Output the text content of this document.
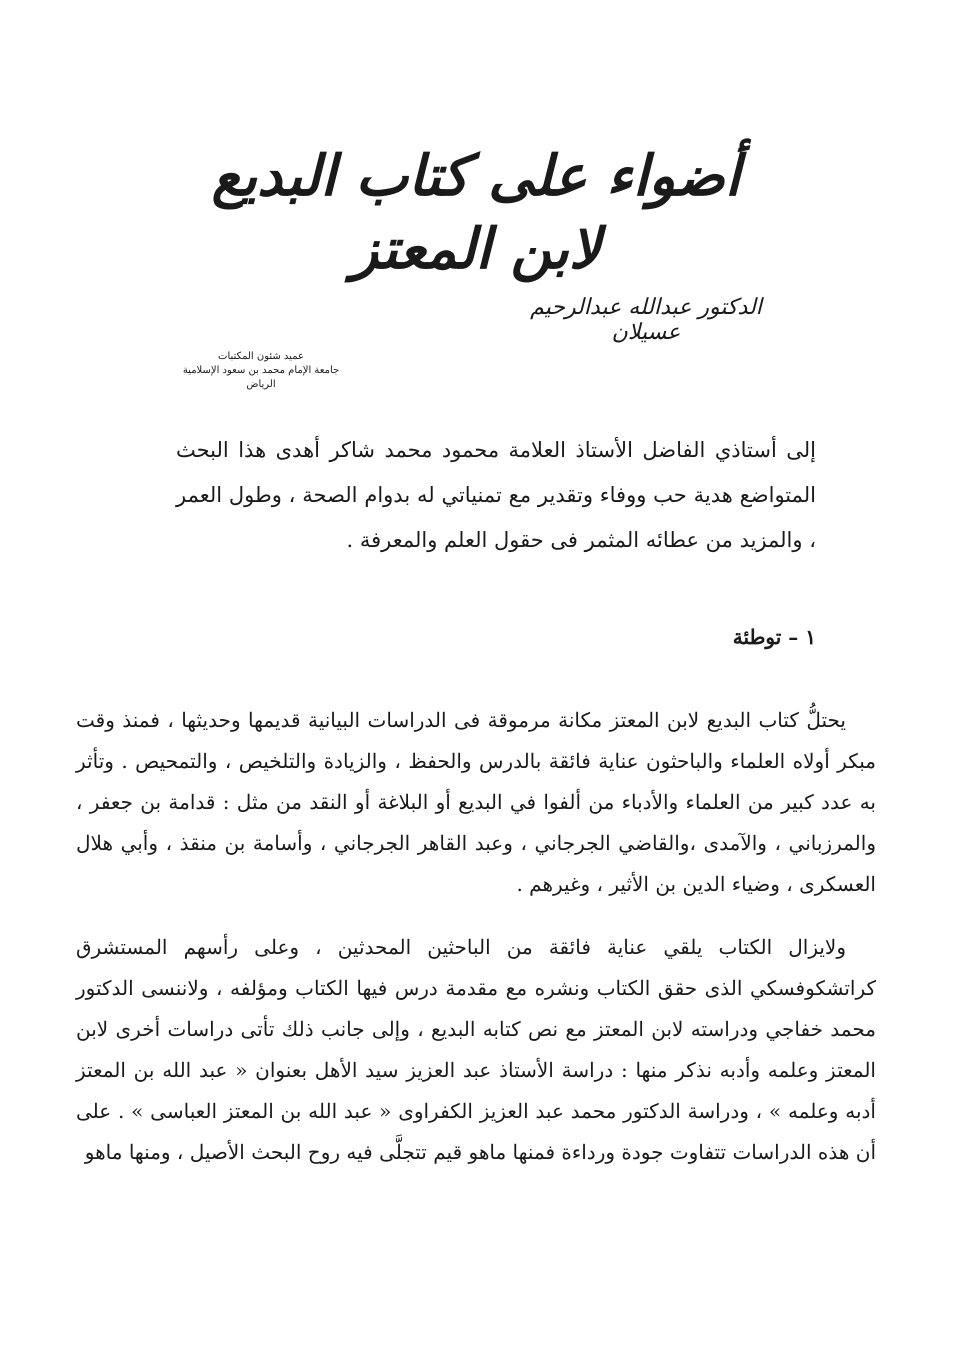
أضواء على كتاب البديع لابن المعتز

الدكتور عبدالله عبدالرحيم عسيلان

عميد شئون المكتبات
جامعة الإمام محمد بن سعود الإسلامية
الرياض

إلى أستاذي الفاضل الأستاذ العلامة محمود محمد شاكر أهدى هذا البحث المتواضع هدية حب ووفاء وتقدير مع تمنياتي له بدوام الصحة ، وطول العمر ، والمزيد من عطائه المثمر فى حقول العلم والمعرفة .

١ – توطئة

يحتلُّ كتاب البديع لابن المعتز مكانة مرموقة فى الدراسات البيانية قديمها وحديثها ، فمنذ وقت مبكر أولاه العلماء والباحثون عناية فائقة بالدرس والحفظ ، والزيادة والتلخيص ، والتمحيص . وتأثر به عدد كبير من العلماء والأدباء من ألفوا في البديع أو البلاغة أو النقد من مثل : قدامة بن جعفر ، والمرزباني ، والآمدى ،والقاضي الجرجاني ، وعبد القاهر الجرجاني ، وأسامة بن منقذ ، وأبي هلال العسكرى ، وضياء الدين بن الأثير ، وغيرهم .

ولايزال الكتاب يلقي عناية فائقة من الباحثين المحدثين ، وعلى رأسهم المستشرق كراتشكوفسكي الذى حقق الكتاب ونشره مع مقدمة درس فيها الكتاب ومؤلفه ، ولاننسى الدكتور محمد خفاجي ودراسته لابن المعتز مع نص كتابه البديع ، وإلى جانب ذلك تأتى دراسات أخرى لابن المعتز وعلمه وأدبه نذكر منها : دراسة الأستاذ عبد العزيز سيد الأهل بعنوان « عبد الله بن المعتز أدبه وعلمه » ، ودراسة الدكتور محمد عبد العزيز الكفراوى « عبد الله بن المعتز العباسى » . على أن هذه الدراسات تتفاوت جودة ورداءة فمنها ماهو قيم تتجلَّى فيه روح البحث الأصيل ، ومنها ماهو
